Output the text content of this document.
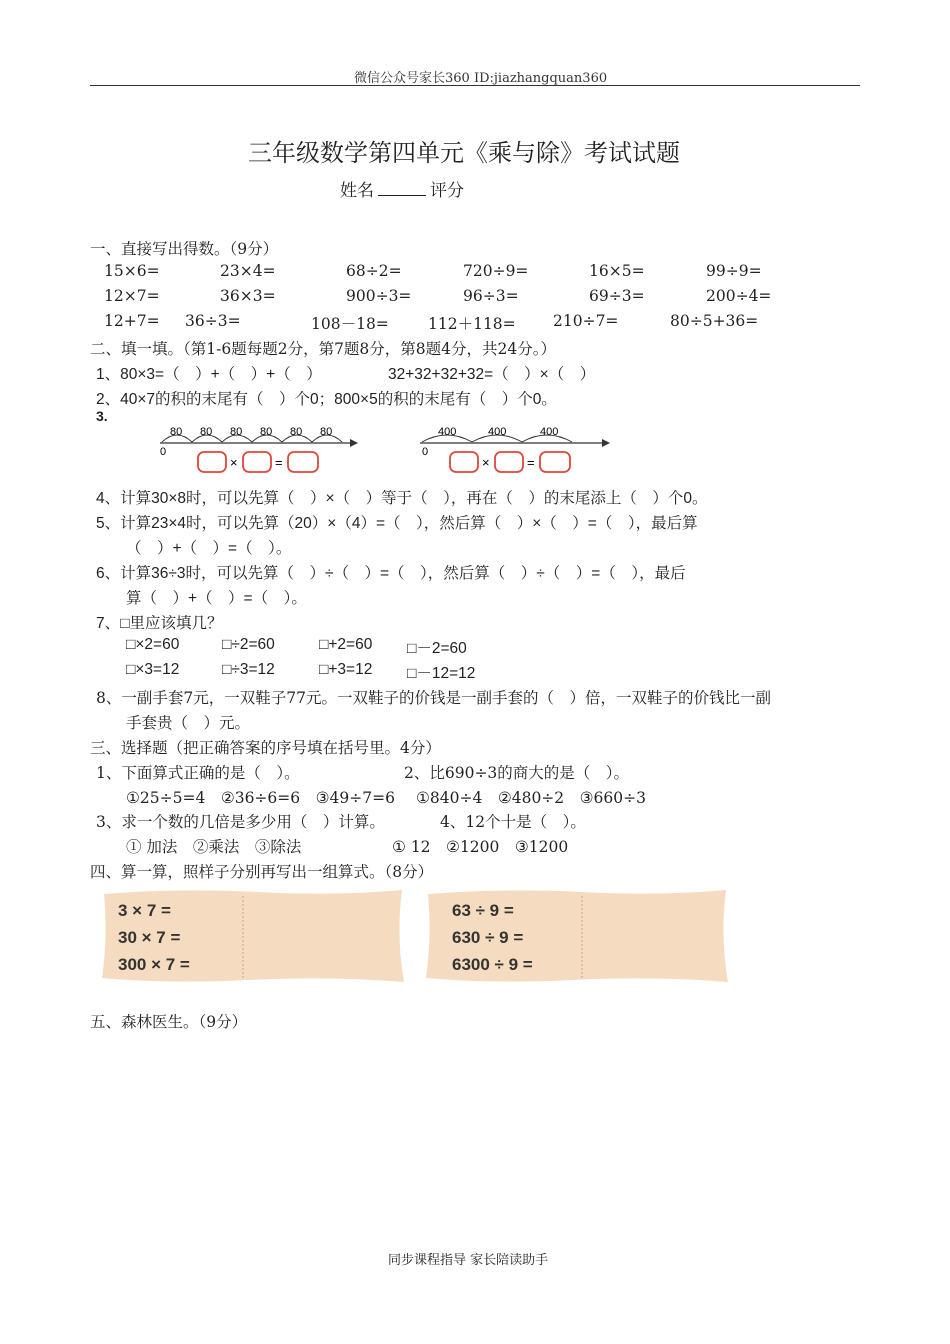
微信公众号家长360 ID:jiazhangquan360
三年级数学第四单元《乘与除》考试试题
姓名	评分
一、直接写出得数。（9分）
15×6=	23×4=	68÷2=	720÷9=	16×5=	99÷9=
12×7=	36×3=	900÷3=	96÷3=	69÷3=	200÷4=
12+7= 36÷3=	108－18=	112＋118= 210÷7=	80÷5+36=
二、填一填。（第1-6题每题2分，第7题8分，第8题4分，共24分。）
1、80×3=（　）+（　）+（　）	32+32+32+32=（　）×（　）
2、40×7的积的末尾有（　）个0；800×5的积的末尾有（　）个0。
3.
80 80 80 80 80 80
0
×	=
400	400	400
0
×	=
4、计算30×8时，可以先算（　）×（　）等于（　），再在（　）的末尾添上（　）个0。
5、计算23×4时，可以先算（20）×（4）=（　），然后算（　）×（　）=（　），最后算
（　）+（　）=（　）。
6、计算36÷3时，可以先算（　）÷（　）=（　），然后算（　）÷（　）=（　），最后
算（　）+（　）=（　）。
7、□里应该填几？
□×2=60	□÷2=60	□+2=60 □－2=60
□×3=12	□÷3=12	□+3=12 □－12=12
8、一副手套7元，一双鞋子77元。一双鞋子的价钱是一副手套的（　）倍，一双鞋子的价钱比一副
手套贵（　）元。
三、选择题（把正确答案的序号填在括号里。4分）
1、下面算式正确的是（　）。	2、比690÷3的商大的是（　）。
①25÷5=4　②36÷6=6　③49÷7=6 ①840÷4　②480÷2　③660÷3
3、求一个数的几倍是多少用（　）计算。	4、12个十是（　）。
① 加法　②乘法　③除法	① 12　②1200　③1200
四、算一算，照样子分别再写出一组算式。（8分）
3 × 7 =
30 × 7 =
300 × 7 =
63 ÷ 9 =
630 ÷ 9 =
6300 ÷ 9 =
五、森林医生。（9分）
同步课程指导 家长陪读助手
